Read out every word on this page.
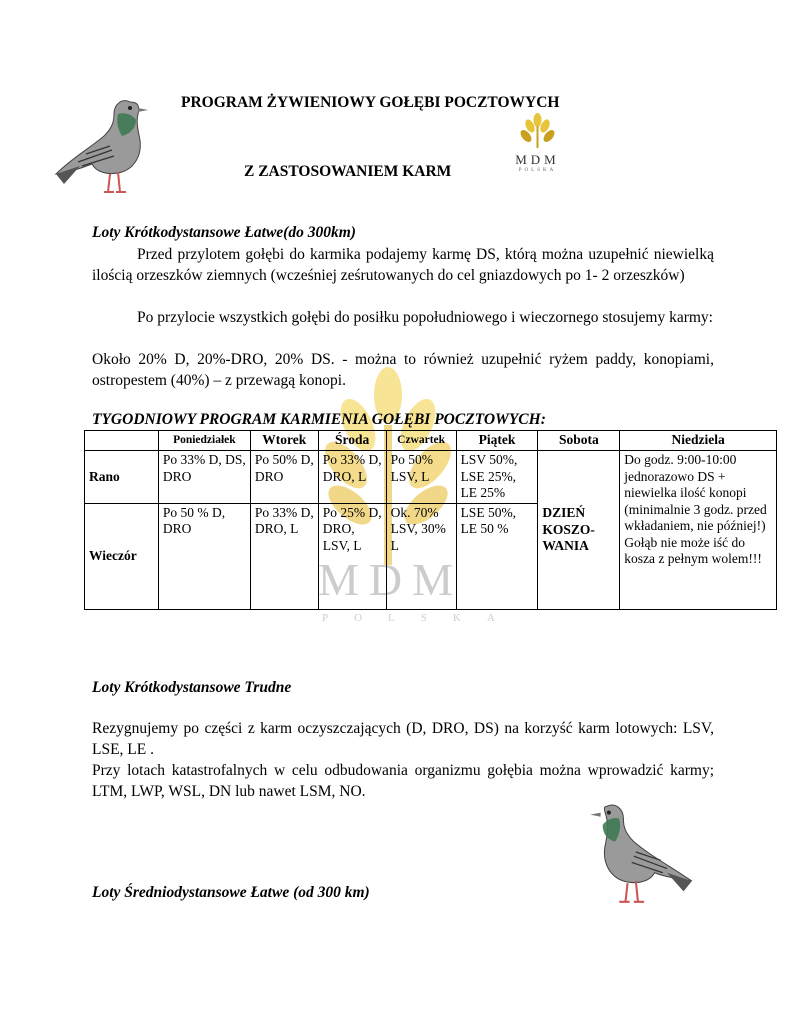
PROGRAM ŻYWIENIOWY GOŁĘBI POCZTOWYCH
Z ZASTOSOWANIEM KARM
MDM
POLSKA
MDM
POLSKA
Loty Krótkodystansowe Łatwe(do 300km)
Przed przylotem gołębi do karmika podajemy karmę DS, którą można uzupełnić niewielką ilością orzeszków ziemnych (wcześniej ześrutowanych do cel gniazdowych po 1- 2 orzeszków)
Po przylocie wszystkich gołębi do posiłku popołudniowego i wieczornego stosujemy karmy:
Około 20% D, 20%-DRO, 20% DS. - można to również uzupełnić ryżem paddy, konopiami, ostropestem (40%) – z przewagą konopi.
TYGODNIOWY PROGRAM KARMIENIA GOŁĘBI POCZTOWYCH:
	Poniedziałek	Wtorek	Środa	Czwartek	Piątek	Sobota	Niedziela
Rano	Po 33% D, DS, DRO	Po 50% D, DRO	Po 33% D, DRO, L	Po 50% LSV, L	LSV 50%, LSE 25%, LE 25%	DZIEŃ KOSZO-WANIA	Do godz. 9:00-10:00 jednorazowo DS + niewielka ilość konopi (minimalnie 3 godz. przed wkładaniem, nie później!) Gołąb nie może iść do kosza z pełnym wolem!!!
Wieczór	Po 50 % D, DRO	Po 33% D, DRO, L	Po 25% D, DRO, LSV, L	Ok. 70% LSV, 30% L	LSE 50%, LE 50 %		
Loty Krótkodystansowe Trudne
Rezygnujemy po części z karm oczyszczających (D, DRO, DS) na korzyść karm lotowych: LSV, LSE, LE .
Przy lotach katastrofalnych w celu odbudowania organizmu gołębia można wprowadzić karmy; LTM, LWP, WSL, DN lub nawet LSM, NO.
Loty Średniodystansowe Łatwe (od 300 km)
